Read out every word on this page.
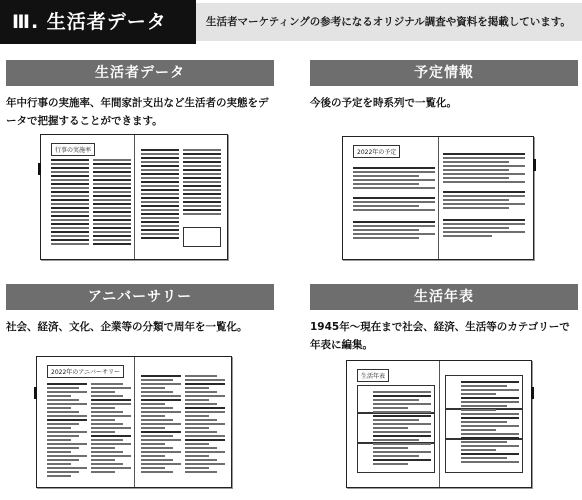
Ⅲ. 生活者データ	生活者マーケティングの参考になるオリジナル調査や資料を掲載しています。
生活者データ
年中行事の実施率、年間家計支出など生活者の実態をデータで把握することができます。
行事の実施率
予定情報
今後の予定を時系列で一覧化。
2022年の予定
アニバーサリー
社会、経済、文化、企業等の分類で周年を一覧化。
2022年のアニバーサリー
生活年表
1945年～現在まで社会、経済、生活等のカテゴリーで年表に編集。
生活年表
